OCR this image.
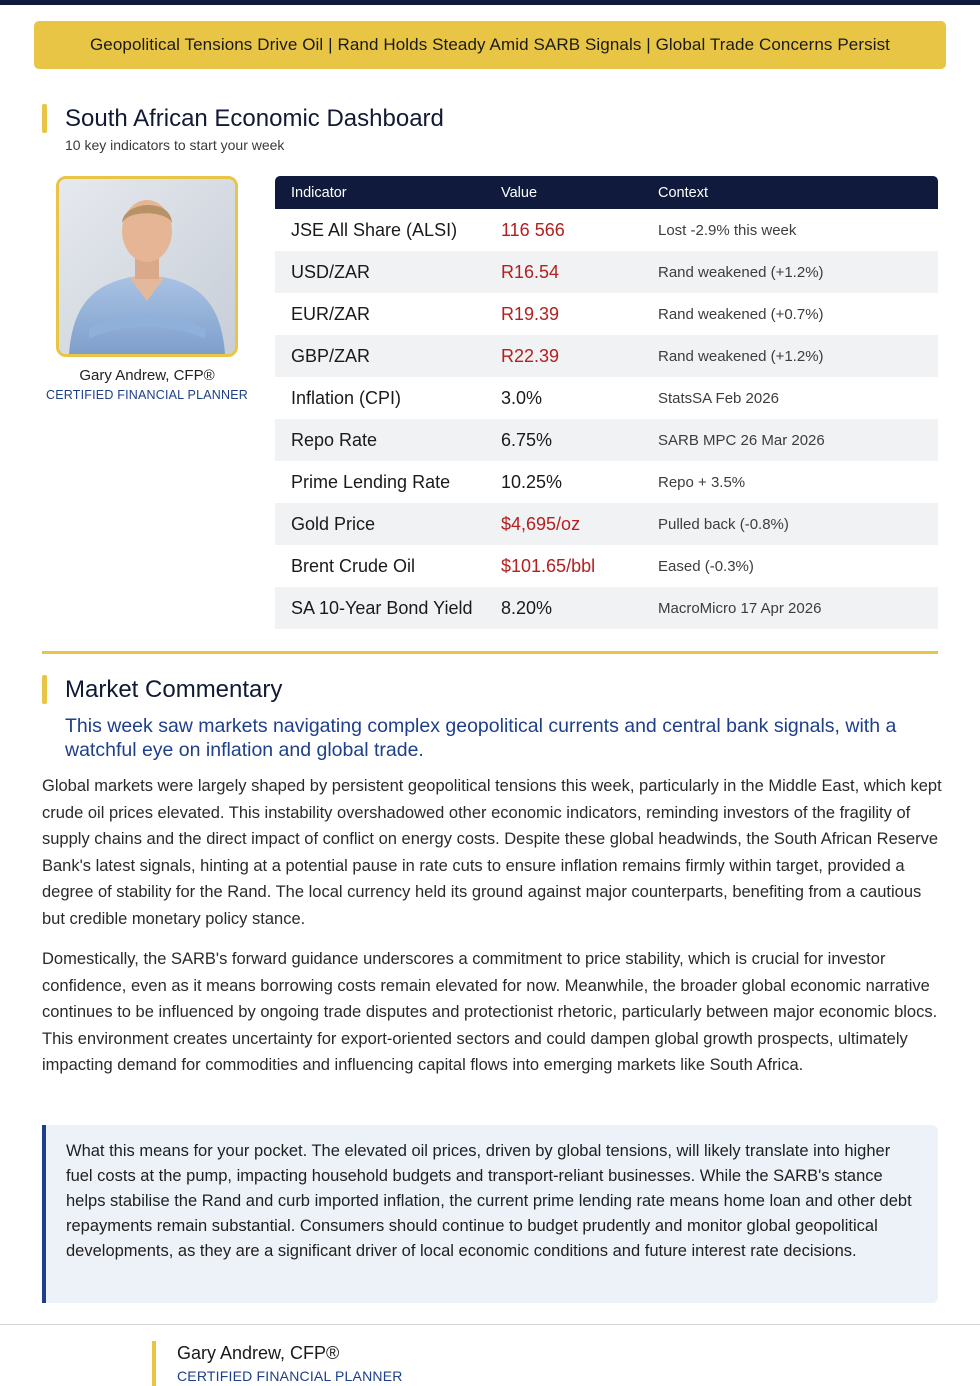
Geopolitical Tensions Drive Oil | Rand Holds Steady Amid SARB Signals | Global Trade Concerns Persist
South African Economic Dashboard
10 key indicators to start your week
Gary Andrew, CFP®
CERTIFIED FINANCIAL PLANNER
Indicator	Value	Context
JSE All Share (ALSI)	116 566	Lost -2.9% this week
USD/ZAR	R16.54	Rand weakened (+1.2%)
EUR/ZAR	R19.39	Rand weakened (+0.7%)
GBP/ZAR	R22.39	Rand weakened (+1.2%)
Inflation (CPI)	3.0%	StatsSA Feb 2026
Repo Rate	6.75%	SARB MPC 26 Mar 2026
Prime Lending Rate	10.25%	Repo + 3.5%
Gold Price	$4,695/oz	Pulled back (-0.8%)
Brent Crude Oil	$101.65/bbl	Eased (-0.3%)
SA 10-Year Bond Yield	8.20%	MacroMicro 17 Apr 2026
Market Commentary
This week saw markets navigating complex geopolitical currents and central bank signals, with a watchful eye on inflation and global trade.
Global markets were largely shaped by persistent geopolitical tensions this week, particularly in the Middle East, which kept crude oil prices elevated. This instability overshadowed other economic indicators, reminding investors of the fragility of supply chains and the direct impact of conflict on energy costs. Despite these global headwinds, the South African Reserve Bank's latest signals, hinting at a potential pause in rate cuts to ensure inflation remains firmly within target, provided a degree of stability for the Rand. The local currency held its ground against major counterparts, benefiting from a cautious but credible monetary policy stance.
Domestically, the SARB's forward guidance underscores a commitment to price stability, which is crucial for investor confidence, even as it means borrowing costs remain elevated for now. Meanwhile, the broader global economic narrative continues to be influenced by ongoing trade disputes and protectionist rhetoric, particularly between major economic blocs. This environment creates uncertainty for export-oriented sectors and could dampen global growth prospects, ultimately impacting demand for commodities and influencing capital flows into emerging markets like South Africa.
What this means for your pocket. The elevated oil prices, driven by global tensions, will likely translate into higher fuel costs at the pump, impacting household budgets and transport-reliant businesses. While the SARB's stance helps stabilise the Rand and curb imported inflation, the current prime lending rate means home loan and other debt repayments remain substantial. Consumers should continue to budget prudently and monitor global geopolitical developments, as they are a significant driver of local economic conditions and future interest rate decisions.
Gary Andrew, CFP®
CERTIFIED FINANCIAL PLANNER
